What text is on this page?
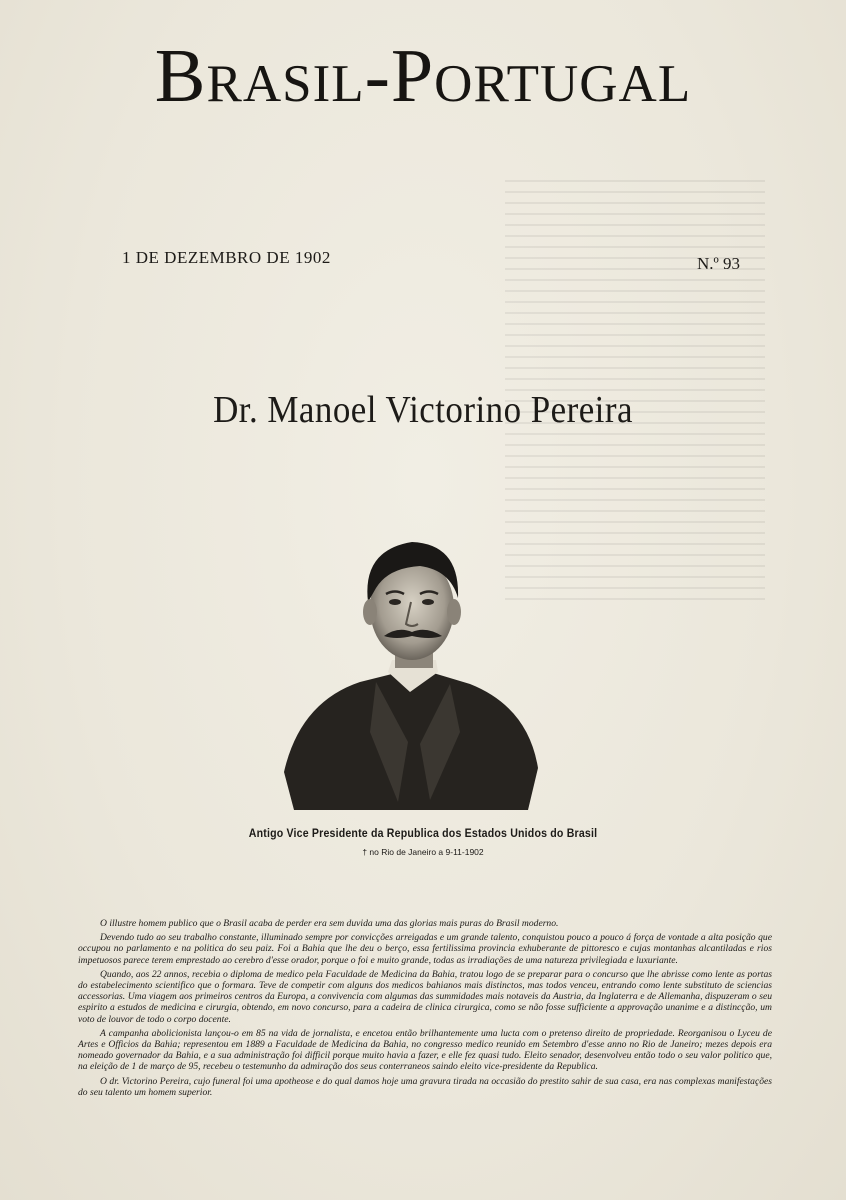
Brasil-Portugal
1 DE DEZEMBRO DE 1902	N.º 93
Dr. Manoel Victorino Pereira
Antigo Vice Presidente da Republica dos Estados Unidos do Brasil
† no Rio de Janeiro a 9-11-1902

O illustre homem publico que o Brasil acaba de perder era sem duvida uma das glorias mais puras do Brasil moderno.

Devendo tudo ao seu trabalho constante, illuminado sempre por convicções arreigadas e um grande talento, conquistou pouco a pouco á força de vontade a alta posição que occupou no parlamento e na politica do seu paiz. Foi a Bahia que lhe deu o berço, essa fertilissima provincia exhuberante de pittoresco e cujas montanhas alcantiladas e rios impetuosos parece terem emprestado ao cerebro d'esse orador, porque o foi e muito grande, todas as irradiações de uma natureza privilegiada e luxuriante.

Quando, aos 22 annos, recebia o diploma de medico pela Faculdade de Medicina da Bahia, tratou logo de se preparar para o concurso que lhe abrisse como lente as portas do estabelecimento scientifico que o formara. Teve de competir com alguns dos medicos bahianos mais distinctos, mas todos venceu, entrando como lente substituto de sciencias accessorias. Uma viagem aos primeiros centros da Europa, a convivencia com algumas das summidades mais notaveis da Austria, da Inglaterra e de Allemanha, dispuzeram o seu espirito a estudos de medicina e cirurgia, obtendo, em novo concurso, para a cadeira de clinica cirurgica, como se não fosse sufficiente a approvação unanime e a distincção, um voto de louvor de todo o corpo docente.

A campanha abolicionista lançou-o em 85 na vida de jornalista, e encetou então brilhantemente uma lucta com o pretenso direito de propriedade. Reorganisou o Lyceu de Artes e Officios da Bahia; representou em 1889 a Faculdade de Medicina da Bahia, no congresso medico reunido em Setembro d'esse anno no Rio de Janeiro; mezes depois era nomeado governador da Bahia, e a sua administração foi difficil porque muito havia a fazer, e elle fez quasi tudo. Eleito senador, desenvolveu então todo o seu valor politico que, na eleição de 1 de março de 95, recebeu o testemunho da admiração dos seus conterraneos saindo eleito vice-presidente da Republica.

O dr. Victorino Pereira, cujo funeral foi uma apotheose e do qual damos hoje uma gravura tirada na occasião do prestito sahir de sua casa, era nas complexas manifestações do seu talento um homem superior.
